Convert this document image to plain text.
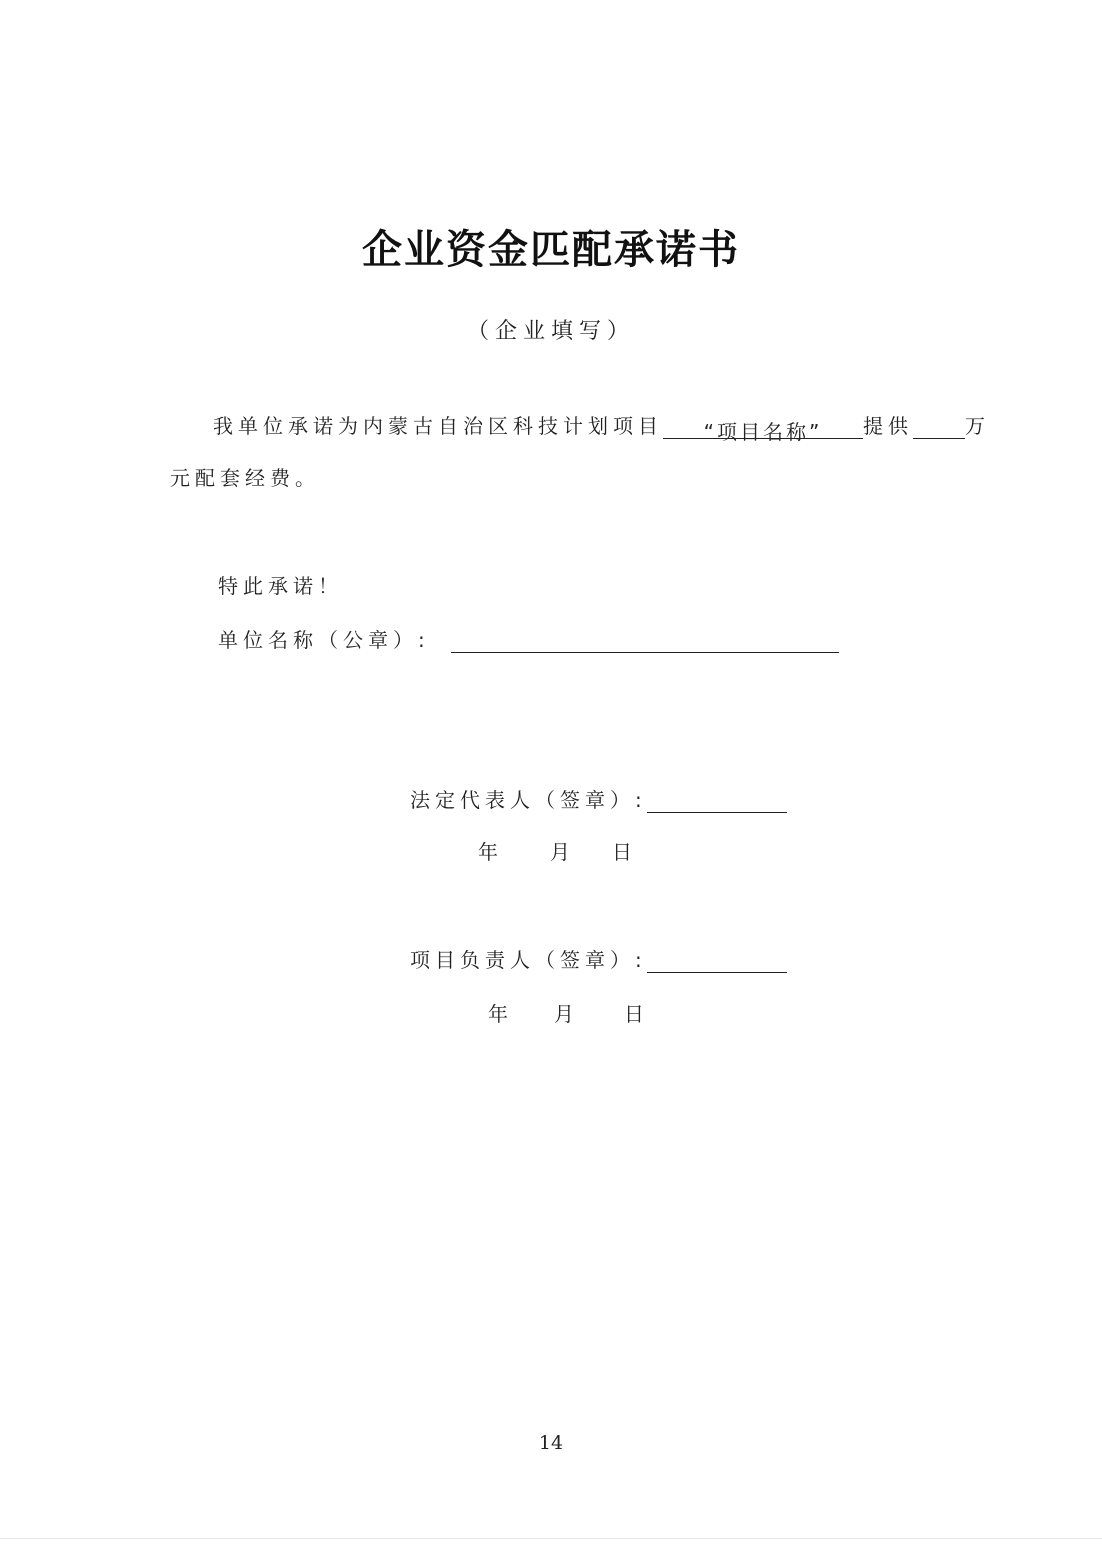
企业资金匹配承诺书
（企业填写）
我单位承诺为内蒙古自治区科技计划项目 “项目名称” 提供	万
元配套经费。
特此承诺！
单位名称（公章）:
法定代表人（签章）:
年 月 日
项目负责人（签章）:
年 月 日
14
